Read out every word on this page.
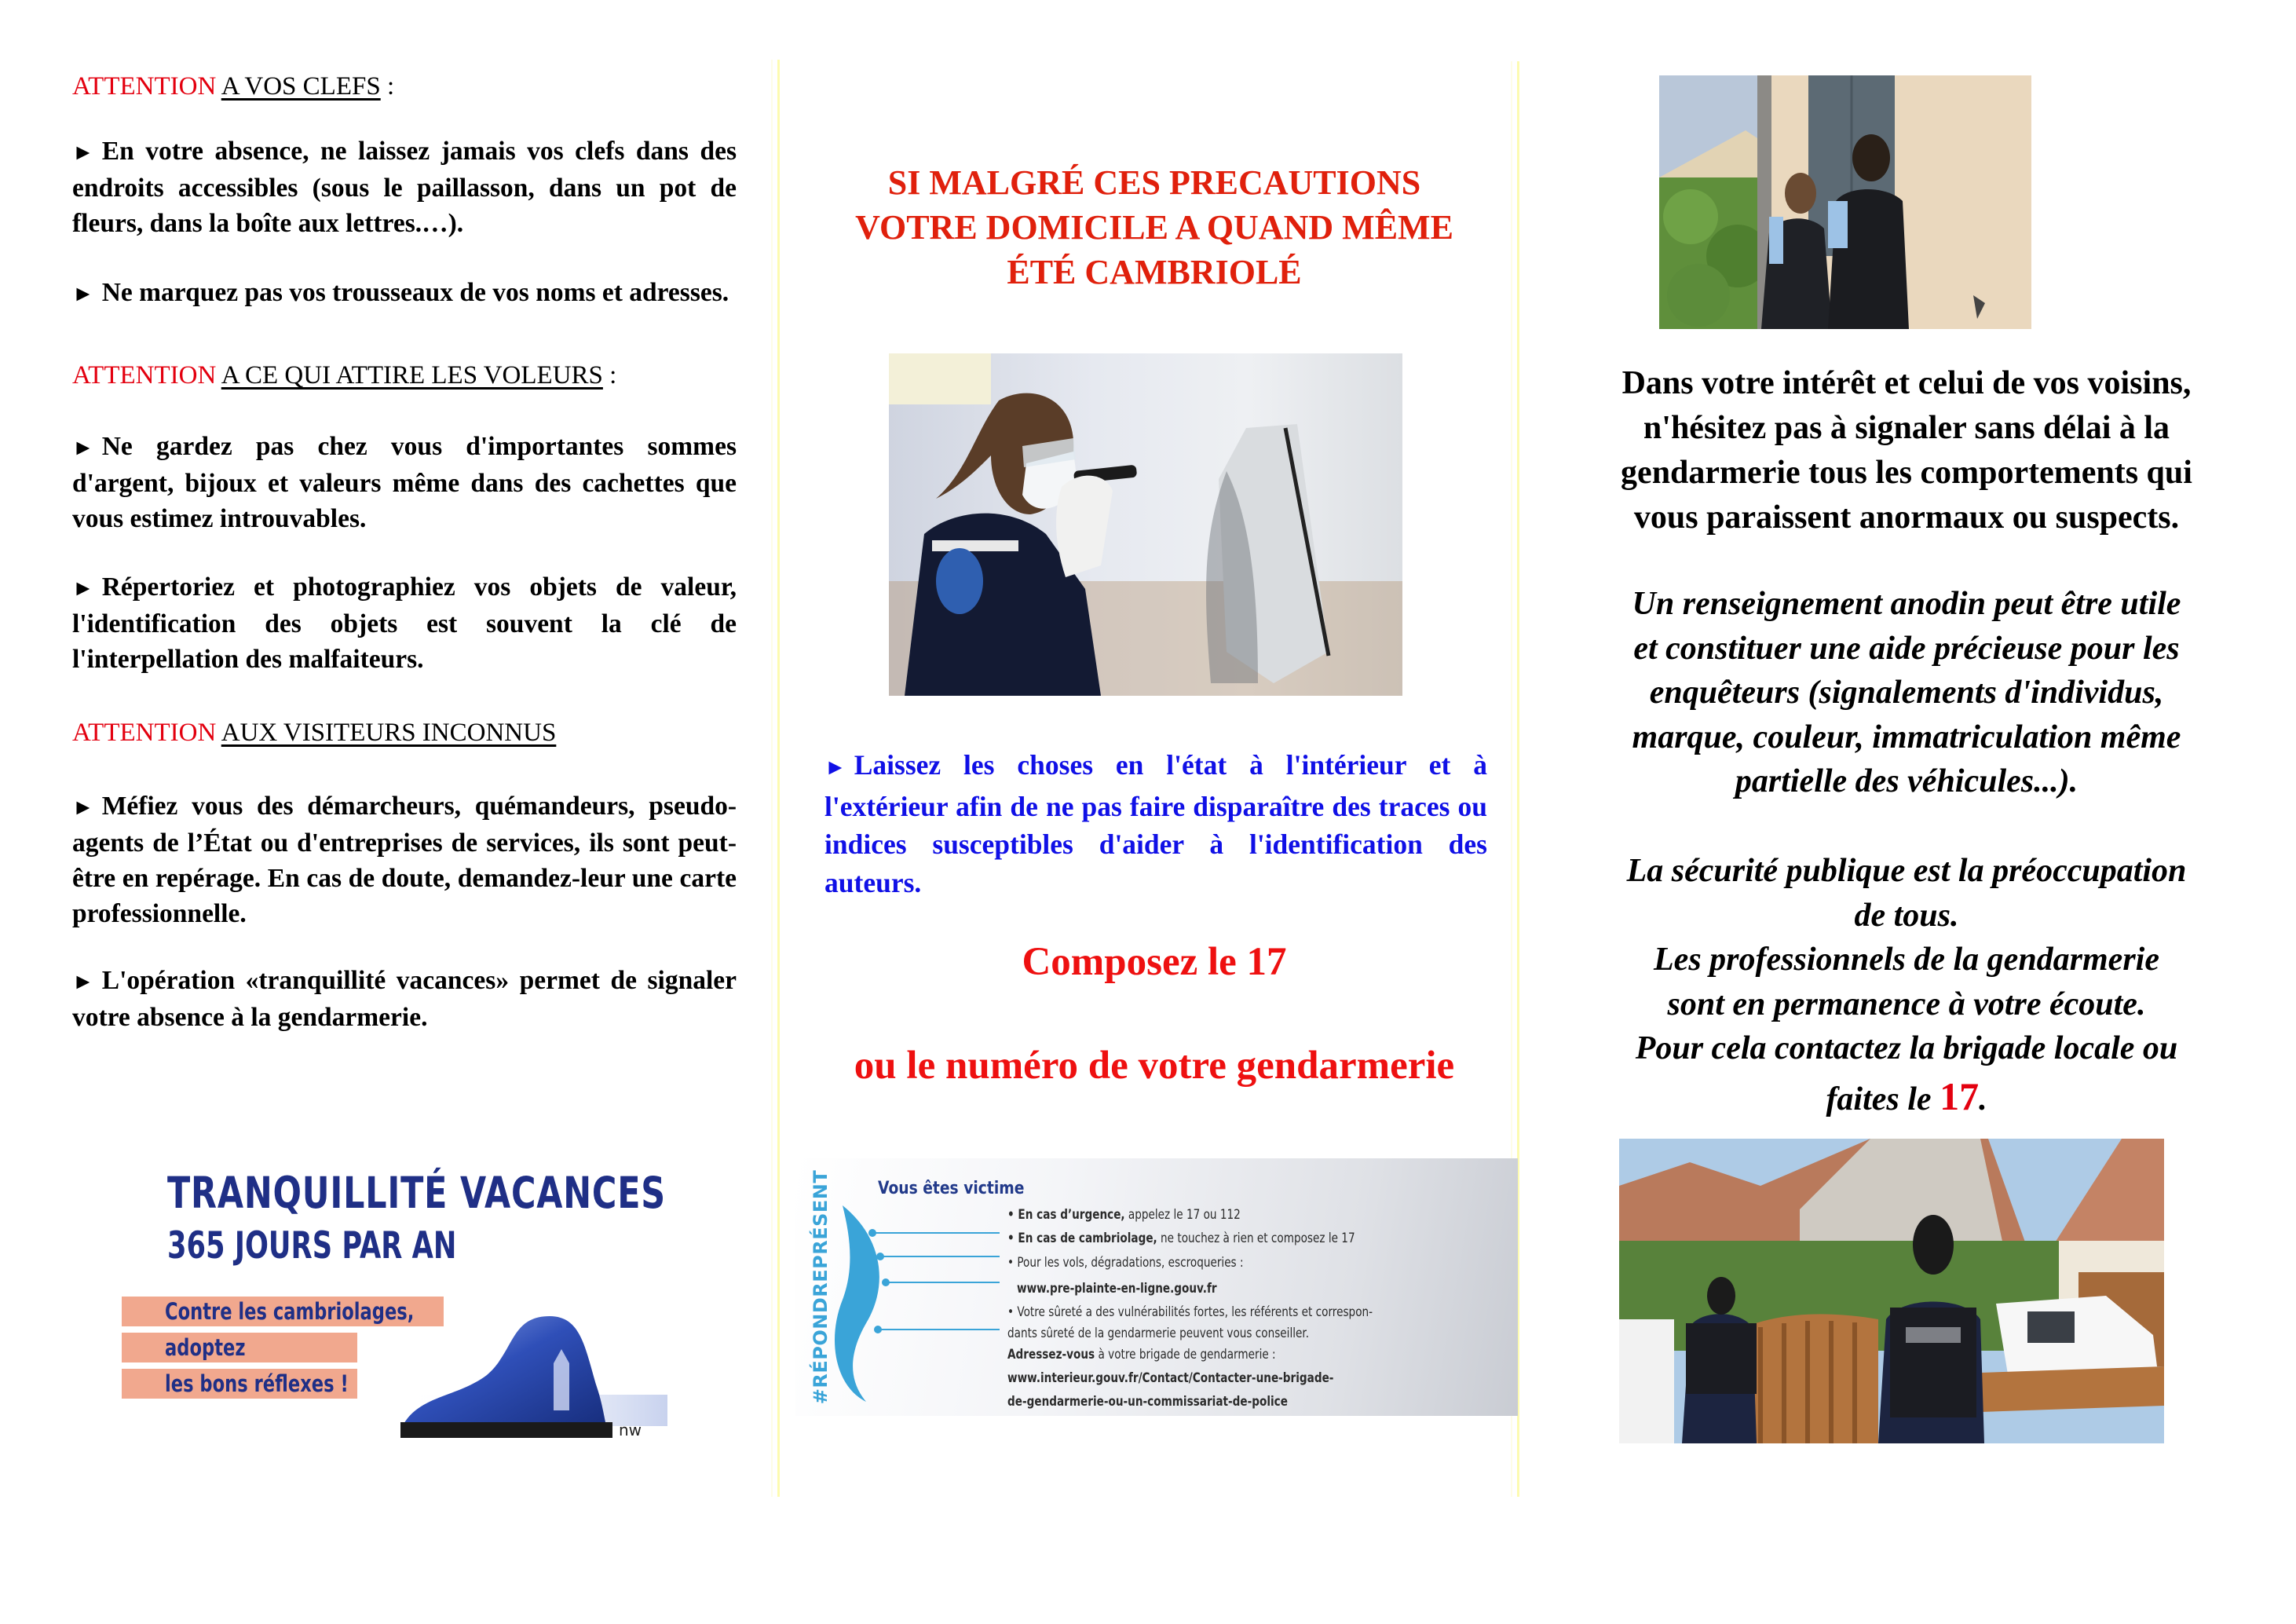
ATTENTION A VOS CLEFS :

► En votre absence, ne laissez jamais vos clefs dans des endroits accessibles (sous le paillasson, dans un pot de fleurs, dans la boîte aux lettres.…).

► Ne marquez pas vos trousseaux de vos noms et adresses.

ATTENTION A CE QUI ATTIRE LES VOLEURS :

► Ne gardez pas chez vous d'importantes sommes d'argent, bijoux et valeurs même dans des cachettes que vous estimez introuvables.

► Répertoriez et photographiez vos objets de valeur, l'identification des objets est souvent la clé de l'interpellation des malfaiteurs.

ATTENTION AUX VISITEURS INCONNUS

► Méfiez vous des démarcheurs, quémandeurs, pseudo-agents de l’État ou d'entreprises de services, ils sont peut-être en repérage. En cas de doute, demandez-leur une carte professionnelle.

► L'opération «tranquillité vacances» permet de signaler votre absence à la gendarmerie.

TRANQUILLITÉ VACANCES
365 JOURS PAR AN
Contre les cambriolages,
adoptez
les bons réflexes !
nw
SI MALGRÉ CES PRECAUTIONS
VOTRE DOMICILE A QUAND MÊME
ÉTÉ CAMBRIOLÉ

► Laissez les choses en l'état à l'intérieur et à l'extérieur afin de ne pas faire disparaître des traces ou indices susceptibles d'aider à l'identification des auteurs.

Composez le 17
ou le numéro de votre gendarmerie
#RÉPONDREPRÉSENT	Vous êtes victime
• En cas d’urgence, appelez le 17 ou 112
• En cas de cambriolage, ne touchez à rien et composez le 17
• Pour les vols, dégradations, escroqueries :
www.pre-plainte-en-ligne.gouv.fr
• Votre sûreté a des vulnérabilités fortes, les référents et correspon-
dants sûreté de la gendarmerie peuvent vous conseiller.
Adressez-vous à votre brigade de gendarmerie :
www.interieur.gouv.fr/Contact/Contacter-une-brigade-
de-gendarmerie-ou-un-commissariat-de-police

Dans votre intérêt et celui de vos voisins,

n'hésitez pas à signaler sans délai à la

gendarmerie tous les comportements qui

vous paraissent anormaux ou suspects.

Un renseignement anodin peut être utile

et constituer une aide précieuse pour les

enquêteurs (signalements d'individus,

marque, couleur, immatriculation même

partielle des véhicules...).

La sécurité publique est la préoccupation

de tous.

Les professionnels de la gendarmerie

sont en permanence à votre écoute.

Pour cela contactez la brigade locale ou

faites le 17.
